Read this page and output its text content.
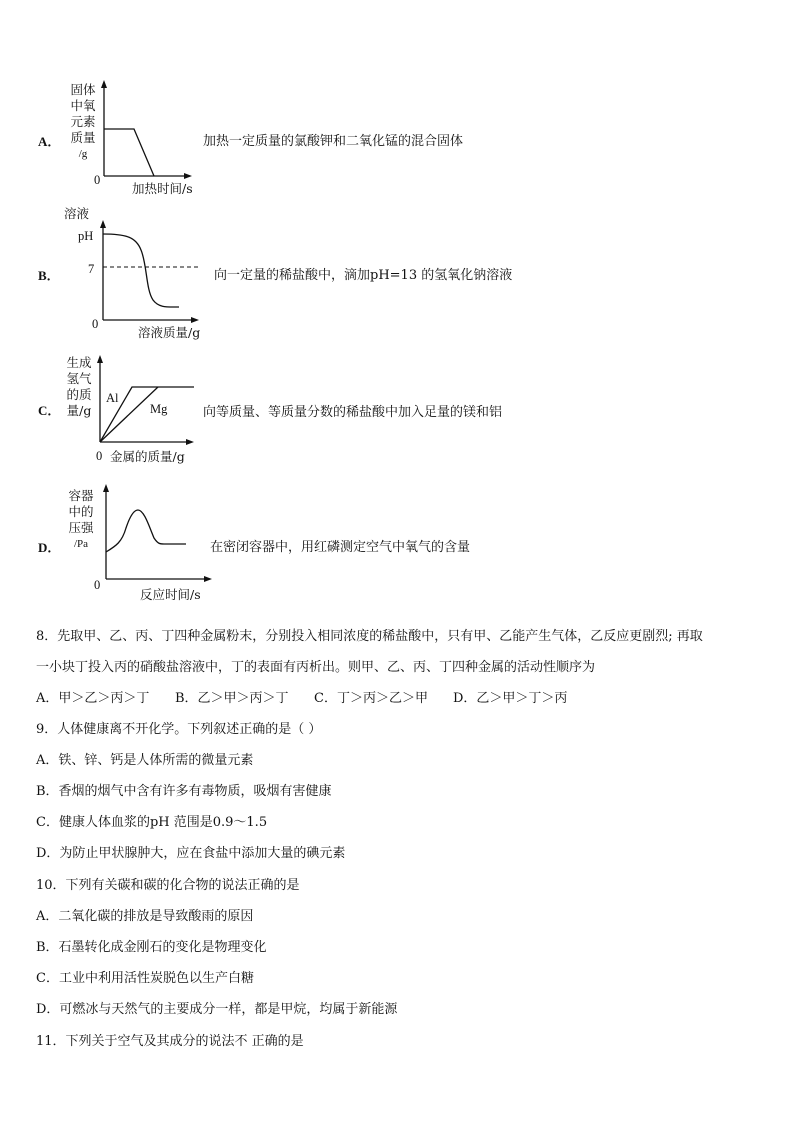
A．
固体
中氧
元素
质量
/g
0
加热时间/s
加热一定质量的氯酸钾和二氧化锰的混合固体
B．
溶液
pH
7
0
溶液质量/g
向一定量的稀盐酸中，滴加pH=13 的氢氧化钠溶液
C．
生成
氢气
的质
量/g
0 金属的质量/g
Al
Mg	向等质量、等质量分数的稀盐酸中加入足量的镁和铝
D．
容器
中的
压强
/Pa
0
反应时间/s
在密闭容器中，用红磷测定空气中氧气的含量
8．先取甲、乙、丙、丁四种金属粉末，分别投入相同浓度的稀盐酸中，只有甲、乙能产生气体，乙反应更剧烈; 再取
一小块丁投入丙的硝酸盐溶液中，丁的表面有丙析出。则甲、乙、丙、丁四种金属的活动性顺序为
A．甲＞乙＞丙＞丁 B．乙＞甲＞丙＞丁 C．丁＞丙＞乙＞甲 D．乙＞甲＞丁＞丙
9．人体健康离不开化学。下列叙述正确的是（ ）
A．铁、锌、钙是人体所需的微量元素
B．香烟的烟气中含有许多有毒物质，吸烟有害健康
C．健康人体血浆的pH 范围是0.9～1.5
D．为防止甲状腺肿大，应在食盐中添加大量的碘元素
10．下列有关碳和碳的化合物的说法正确的是
A．二氧化碳的排放是导致酸雨的原因
B．石墨转化成金刚石的变化是物理变化
C．工业中利用活性炭脱色以生产白糖
D．可燃冰与天然气的主要成分一样，都是甲烷，均属于新能源
11．下列关于空气及其成分的说法不 正确的是
